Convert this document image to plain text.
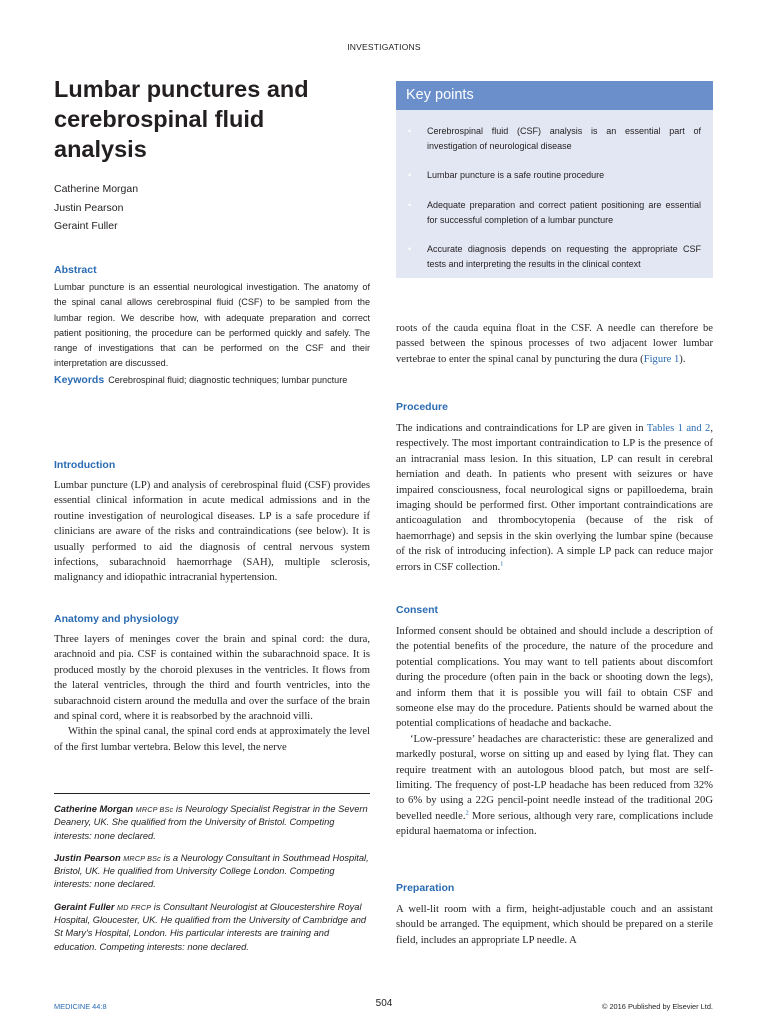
INVESTIGATIONS
Lumbar punctures and
cerebrospinal fluid
analysis
Catherine Morgan
Justin Pearson
Geraint Fuller
Abstract

Lumbar puncture is an essential neurological investigation. The anatomy of the spinal canal allows cerebrospinal fluid (CSF) to be sampled from the lumbar region. We describe how, with adequate preparation and correct patient positioning, the procedure can be performed quickly and safely. The range of investigations that can be performed on the CSF and their interpretation are discussed.

Keywords Cerebrospinal fluid; diagnostic techniques; lumbar puncture

Introduction

Lumbar puncture (LP) and analysis of cerebrospinal fluid (CSF) provides essential clinical information in acute medical admissions and in the routine investigation of neurological diseases. LP is a safe procedure if clinicians are aware of the risks and contraindications (see below). It is usually performed to aid the diagnosis of central nervous system infections, subarachnoid haemorrhage (SAH), multiple sclerosis, malignancy and idiopathic intracranial hypertension.

Anatomy and physiology

Three layers of meninges cover the brain and spinal cord: the dura, arachnoid and pia. CSF is contained within the subarachnoid space. It is produced mostly by the choroid plexuses in the ventricles. It flows from the lateral ventricles, through the third and fourth ventricles, into the subarachnoid cistern around the medulla and over the surface of the brain and spinal cord, where it is reabsorbed by the arachnoid villi.

Within the spinal canal, the spinal cord ends at approximately the level of the first lumbar vertebra. Below this level, the nerve

Catherine Morgan MRCP BSc is Neurology Specialist Registrar in the Severn Deanery, UK. She qualified from the University of Bristol. Competing interests: none declared.

Justin Pearson MRCP BSc is a Neurology Consultant in Southmead Hospital, Bristol, UK. He qualified from University College London. Competing interests: none declared.

Geraint Fuller MD FRCP is Consultant Neurologist at Gloucestershire Royal Hospital, Gloucester, UK. He qualified from the University of Cambridge and St Mary's Hospital, London. His particular interests are training and education. Competing interests: none declared.

Key points
• Cerebrospinal fluid (CSF) analysis is an essential part of investigation of neurological disease
• Lumbar puncture is a safe routine procedure
• Adequate preparation and correct patient positioning are essential for successful completion of a lumbar puncture
• Accurate diagnosis depends on requesting the appropriate CSF tests and interpreting the results in the clinical context

roots of the cauda equina float in the CSF. A needle can therefore be passed between the spinous processes of two adjacent lower lumbar vertebrae to enter the spinal canal by puncturing the dura (Figure 1).

Procedure

The indications and contraindications for LP are given in Tables 1 and 2, respectively. The most important contraindication to LP is the presence of an intracranial mass lesion. In this situation, LP can result in cerebral herniation and death. In patients who present with seizures or have impaired consciousness, focal neurological signs or papilloedema, brain imaging should be performed first. Other important contraindications are anticoagulation and thrombocytopenia (because of the risk of haemorrhage) and sepsis in the skin overlying the lumbar spine (because of the risk of introducing infection). A simple LP pack can reduce major errors in CSF collection.$^1$

Consent

Informed consent should be obtained and should include a description of the potential benefits of the procedure, the nature of the procedure and potential complications. You may want to tell patients about discomfort during the procedure (often pain in the back or shooting down the legs), and inform them that it is possible you will fail to obtain CSF and someone else may do the procedure. Patients should be warned about the potential complications of headache and backache.

‘Low-pressure’ headaches are characteristic: these are generalized and markedly postural, worse on sitting up and eased by lying flat. They can require treatment with an autologous blood patch, but most are self-limiting. The frequency of post-LP headache has been reduced from 32% to 6% by using a 22G pencil-point needle instead of the traditional 20G bevelled needle.$^2$ More serious, although very rare, complications include epidural haematoma or infection.

Preparation

A well-lit room with a firm, height-adjustable couch and an assistant should be arranged. The equipment, which should be prepared on a sterile field, includes an appropriate LP needle. A

MEDICINE 44:8	504	© 2016 Published by Elsevier Ltd.
